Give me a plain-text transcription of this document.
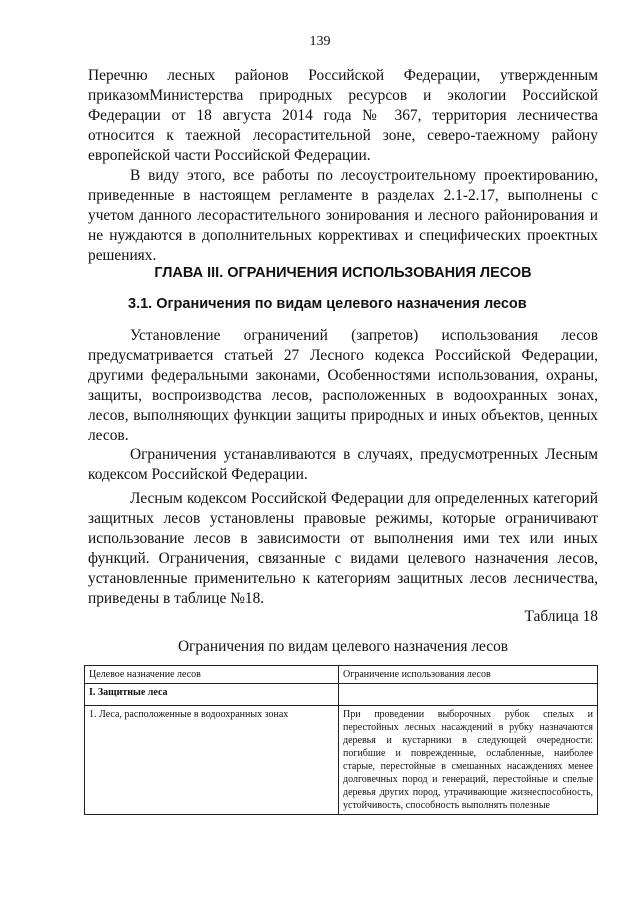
139

Перечню лесных районов Российской Федерации, утвержденным приказомМинистерства природных ресурсов и экологии Российской Федерации от 18 августа 2014 года № 367, территория лесничества относится к таежной лесорастительной зоне, северо-таежному району европейской части Российской Федерации.

В виду этого, все работы по лесоустроительному проектированию, приведенные в настоящем регламенте в разделах 2.1-2.17, выполнены с учетом данного лесорастительного зонирования и лесного районирования и не нуждаются в дополнительных коррективах и специфических проектных решениях.

ГЛАВА III. ОГРАНИЧЕНИЯ ИСПОЛЬЗОВАНИЯ ЛЕСОВ
3.1. Ограничения по видам целевого назначения лесов

Установление ограничений (запретов) использования лесов предусматривается статьей 27 Лесного кодекса Российской Федерации, другими федеральными законами, Особенностями использования, охраны, защиты, воспроизводства лесов, расположенных в водоохранных зонах, лесов, выполняющих функции защиты природных и иных объектов, ценных лесов.

Ограничения устанавливаются в случаях, предусмотренных Лесным кодексом Российской Федерации.

Лесным кодексом Российской Федерации для определенных категорий защитных лесов установлены правовые режимы, которые ограничивают использование лесов в зависимости от выполнения ими тех или иных функций. Ограничения, связанные с видами целевого назначения лесов, установленные применительно к категориям защитных лесов лесничества, приведены в таблице №18.

Таблица 18
Ограничения по видам целевого назначения лесов
Целевое назначение лесов	Ограничение использования лесов
I. Защитные леса	
1. Леса, расположенные в водоохранных зонах	При проведении выборочных рубок спелых и перестойных лесных насаждений в рубку назначаются деревья и кустарники в следующей очередности: погибшие и поврежденные, ослабленные, наиболее старые, перестойные в смешанных насаждениях менее долговечных пород и генераций, перестойные и спелые деревья других пород, утрачивающие жизнеспособность, устойчивость, способность выполнять полезные
